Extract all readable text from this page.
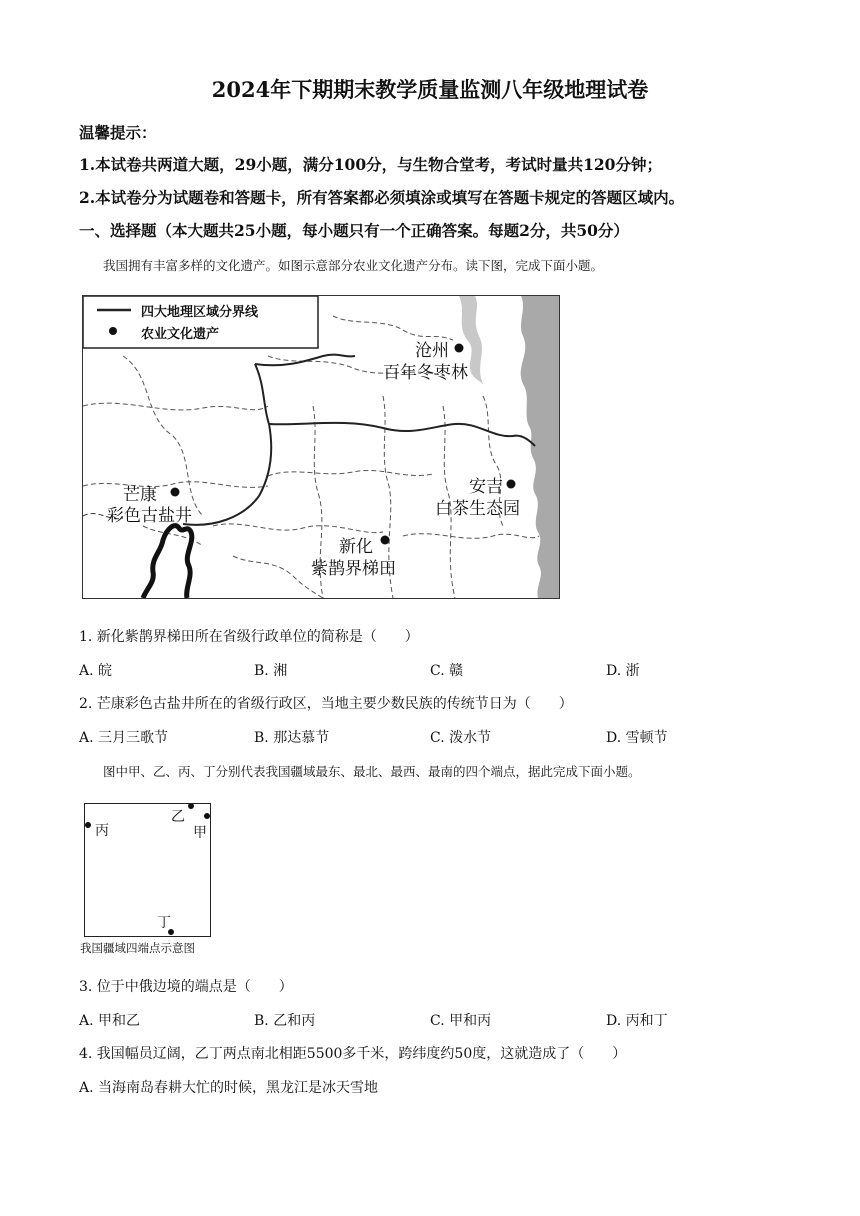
2024年下期期末教学质量监测八年级地理试卷
温馨提示：
1.本试卷共两道大题，29小题，满分100分，与生物合堂考，考试时量共120分钟；
2.本试卷分为试题卷和答题卡，所有答案都必须填涂或填写在答题卡规定的答题区域内。
一、选择题（本大题共25小题，每小题只有一个正确答案。每题2分，共50分）
我国拥有丰富多样的文化遗产。如图示意部分农业文化遗产分布。读下图，完成下面小题。
四大地理区域分界线
农业文化遗产
沧州
百年冬枣林
安吉
白茶生态园
芒康
彩色古盐井
新化
紫鹊界梯田
1. 新化紫鹊界梯田所在省级行政单位的简称是（　　）
A. 皖	B. 湘	C. 赣	D. 浙
2. 芒康彩色古盐井所在的省级行政区，当地主要少数民族的传统节日为（　　）
A. 三月三歌节	B. 那达慕节	C. 泼水节	D. 雪顿节
图中甲、乙、丙、丁分别代表我国疆域最东、最北、最西、最南的四个端点，据此完成下面小题。
乙
甲
丙
丁
我国疆域四端点示意图
3. 位于中俄边境的端点是（　　）
A. 甲和乙	B. 乙和丙	C. 甲和丙	D. 丙和丁
4. 我国幅员辽阔，乙丁两点南北相距5500多千米，跨纬度约50度，这就造成了（　　）
A. 当海南岛春耕大忙的时候，黑龙江是冰天雪地
